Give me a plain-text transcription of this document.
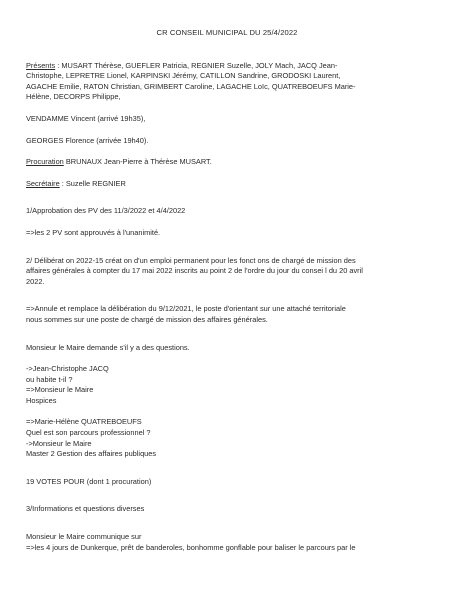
CR CONSEIL MUNICIPAL DU 25/4/2022

Présents : MUSART Thérèse, GUEFLER Patricia, REGNIER Suzelle, JOLY Mach, JACQ Jean-
Christophe, LEPRETRE Lionel, KARPINSKI Jérémy, CATILLON Sandrine, GRODOSKI Laurent,
AGACHE Emilie, RATON Christian, GRIMBERT Caroline, LAGACHE Loïc, QUATREBOEUFS Marie-
Hélène, DECORPS Philippe,

VENDAMME Vincent (arrivé 19h35),

GEORGES Florence (arrivée 19h40).

Procuration BRUNAUX Jean-Pierre à Thérèse MUSART.

Secrétaire : Suzelle REGNIER

1/Approbation des PV des 11/3/2022 et 4/4/2022

=>les 2 PV sont approuvés à l'unanimité.

2/ Délibérat on 2022-15 créat on d'un emploi permanent pour les fonct ons de chargé de mission des
affaires générales à compter du 17 mai 2022 inscrits au point 2 de l'ordre du jour du consei l du 20 avril
2022.
=>Annule et remplace la délibération du 9/12/2021, le poste d'orientant sur une attaché territoriale
nous sommes sur une poste de chargé de mission des affaires générales.

Monsieur le Maire demande s'il y a des questions.

->Jean-Christophe JACQ
ou habite t-il ?
=>Monsieur le Maire
Hospices
=>Marie-Hélène QUATREBOEUFS
Quel est son parcours professionnel ?
->Monsieur le Maire
Master 2 Gestion des affaires publiques

19 VOTES POUR (dont 1 procuration)

3/Informations et questions diverses

Monsieur le Maire communique sur

=>les 4 jours de Dunkerque, prêt de banderoles, bonhomme gonflable pour baliser le parcours par le
